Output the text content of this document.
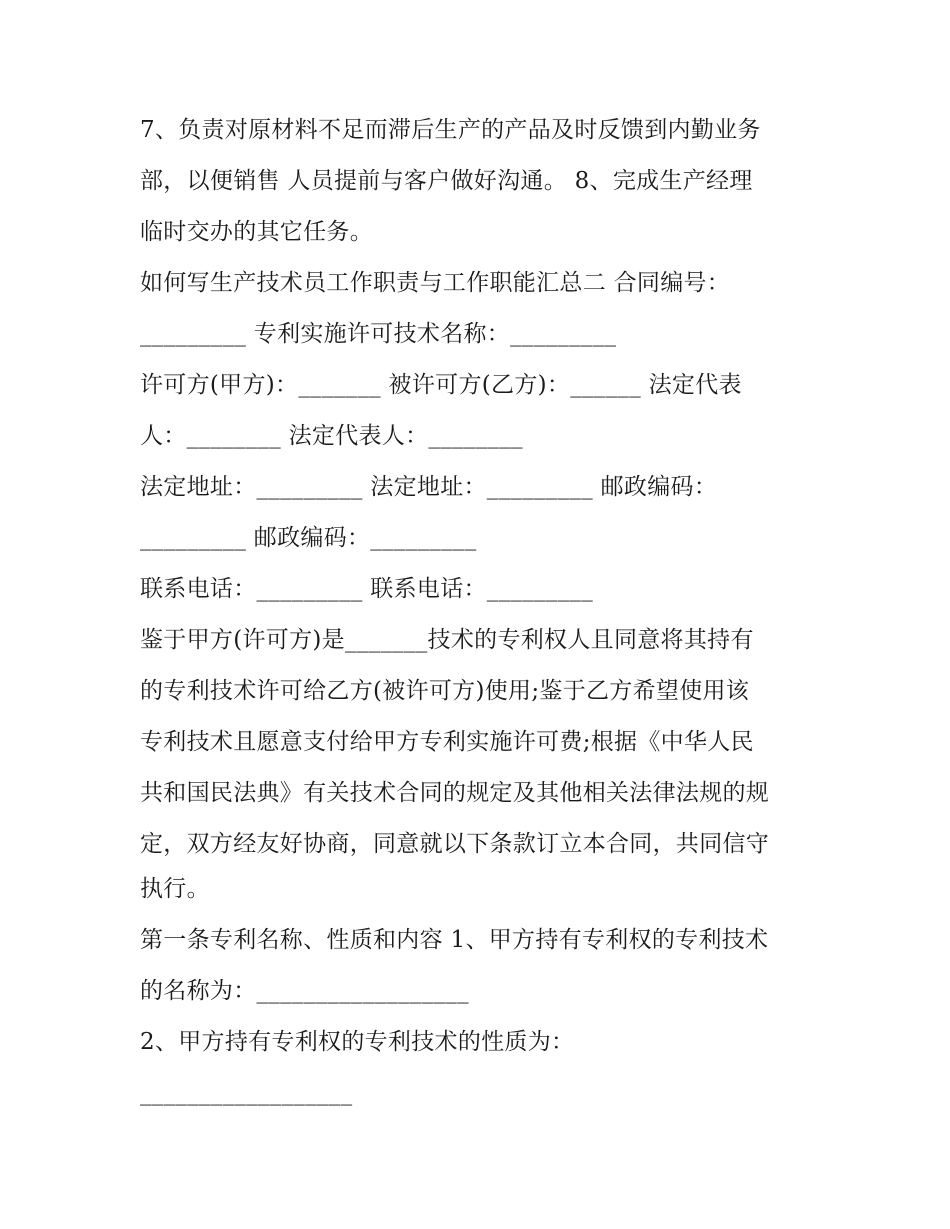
7、负责对原材料不足而滞后生产的产品及时反馈到内勤业务
部，以便销售 人员提前与客户做好沟通。 8、完成生产经理
临时交办的其它任务。
如何写生产技术员工作职责与工作职能汇总二 合同编号：
_________ 专利实施许可技术名称：_________
许可方(甲方)：_______ 被许可方(乙方)：______ 法定代表
人：________ 法定代表人：________
法定地址：_________ 法定地址：_________ 邮政编码：
_________ 邮政编码：_________
联系电话：_________ 联系电话：_________
鉴于甲方(许可方)是_______技术的专利权人且同意将其持有
的专利技术许可给乙方(被许可方)使用;鉴于乙方希望使用该
专利技术且愿意支付给甲方专利实施许可费;根据《中华人民
共和国民法典》有关技术合同的规定及其他相关法律法规的规
定，双方经友好协商，同意就以下条款订立本合同，共同信守
执行。
第一条专利名称、性质和内容 1、甲方持有专利权的专利技术
的名称为：__________________
2、甲方持有专利权的专利技术的性质为：
__________________
